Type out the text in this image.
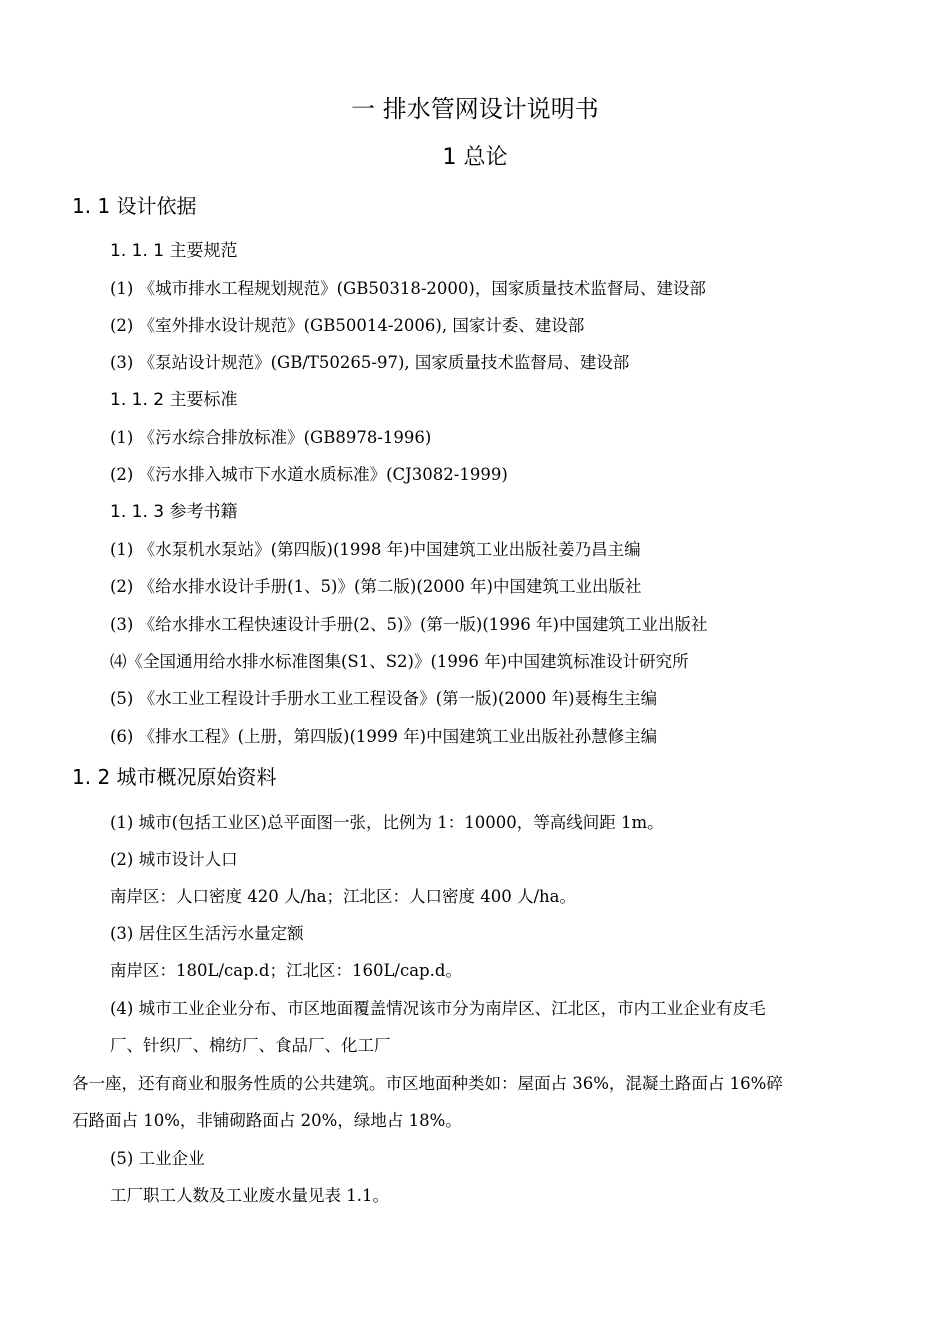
一 排水管网设计说明书
1 总论
1. 1 设计依据
1. 1. 1 主要规范
(1) 《城市排水工程规划规范》(GB50318-2000)，国家质量技术监督局、建设部
(2) 《室外排水设计规范》(GB50014-2006), 国家计委、建设部
(3) 《泵站设计规范》(GB/T50265-97), 国家质量技术监督局、建设部
1. 1. 2 主要标准
(1) 《污水综合排放标准》(GB8978-1996)
(2) 《污水排入城市下水道水质标准》(CJ3082-1999)
1. 1. 3 参考书籍
(1) 《水泵机水泵站》(第四版)(1998 年)中国建筑工业出版社姜乃昌主编
(2) 《给水排水设计手册(1、5)》(第二版)(2000 年)中国建筑工业出版社
(3) 《给水排水工程快速设计手册(2、5)》(第一版)(1996 年)中国建筑工业出版社
⑷《全国通用给水排水标准图集(S1、S2)》(1996 年)中国建筑标准设计研究所
(5) 《水工业工程设计手册水工业工程设备》(第一版)(2000 年)聂梅生主编
(6) 《排水工程》(上册，第四版)(1999 年)中国建筑工业出版社孙慧修主编
1. 2 城市概况原始资料
(1) 城市(包括工业区)总平面图一张，比例为 1：10000，等高线间距 1m。
(2) 城市设计人口
南岸区：人口密度 420 人/ha；江北区：人口密度 400 人/ha。
(3) 居住区生活污水量定额
南岸区：180L/cap.d；江北区：160L/cap.d。
(4) 城市工业企业分布、市区地面覆盖情况该市分为南岸区、江北区，市内工业企业有皮毛
厂、针织厂、棉纺厂、食品厂、化工厂
各一座，还有商业和服务性质的公共建筑。市区地面种类如：屋面占 36%，混凝土路面占 16%碎
石路面占 10%，非铺砌路面占 20%，绿地占 18%。
(5) 工业企业
工厂职工人数及工业废水量见表 1.1。
